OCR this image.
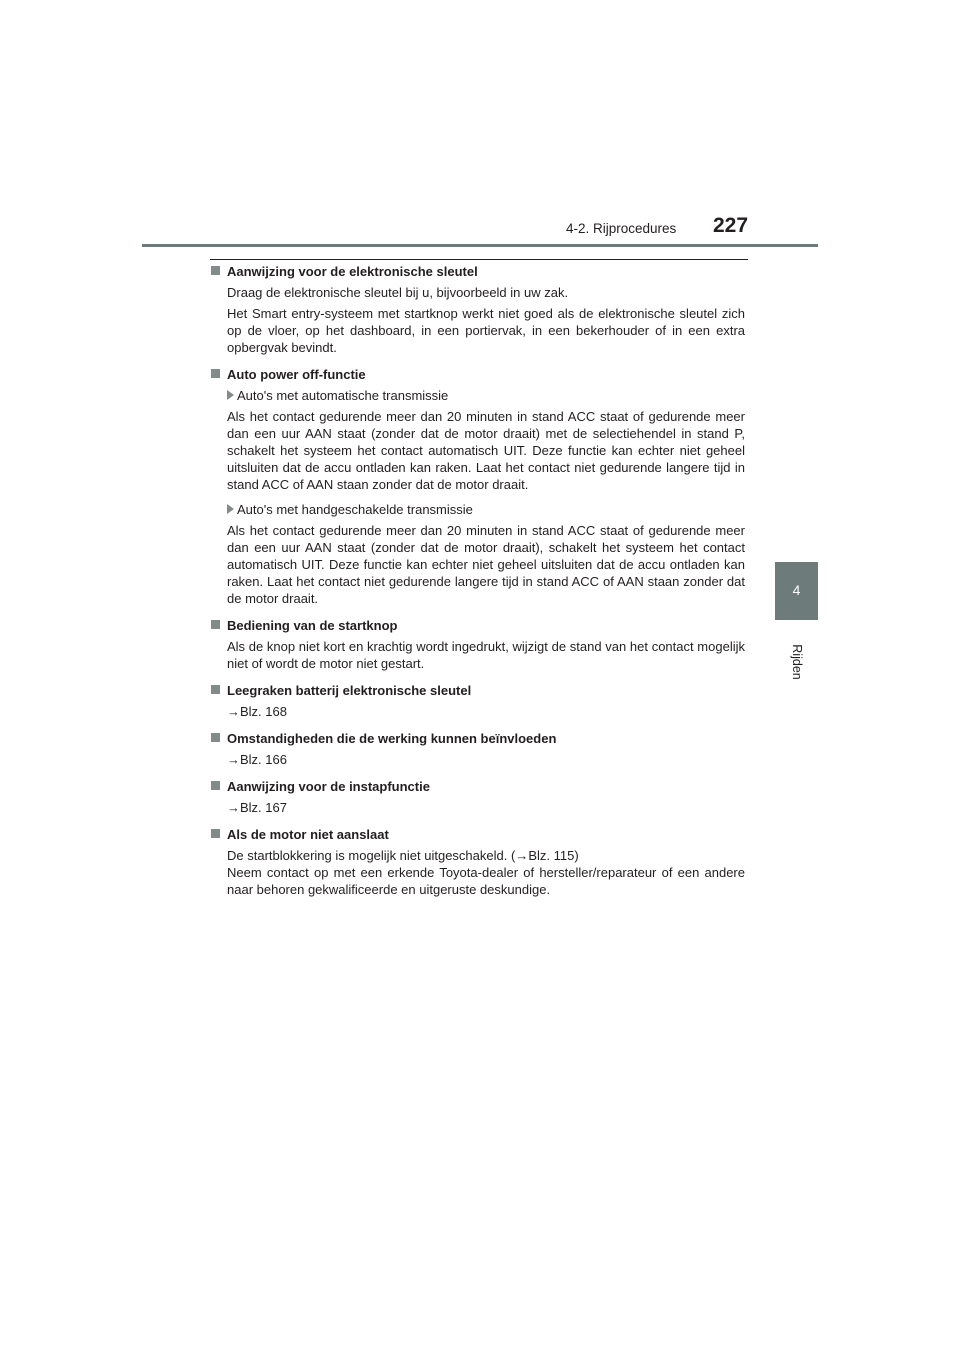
4-2. Rijprocedures 227
4
Rijden
Aanwijzing voor de elektronische sleutel

Draag de elektronische sleutel bij u, bijvoorbeeld in uw zak.

Het Smart entry-systeem met startknop werkt niet goed als de elektronische sleutel zich op de vloer, op het dashboard, in een portiervak, in een bekerhouder of in een extra opbergvak bevindt.

Auto power off-functie
Auto's met automatische transmissie

Als het contact gedurende meer dan 20 minuten in stand ACC staat of gedurende meer dan een uur AAN staat (zonder dat de motor draait) met de selectiehendel in stand P, schakelt het systeem het contact automatisch UIT. Deze functie kan echter niet geheel uitsluiten dat de accu ontladen kan raken. Laat het contact niet gedurende langere tijd in stand ACC of AAN staan zonder dat de motor draait.

Auto's met handgeschakelde transmissie

Als het contact gedurende meer dan 20 minuten in stand ACC staat of gedurende meer dan een uur AAN staat (zonder dat de motor draait), schakelt het systeem het contact automatisch UIT. Deze functie kan echter niet geheel uitsluiten dat de accu ontladen kan raken. Laat het contact niet gedurende langere tijd in stand ACC of AAN staan zonder dat de motor draait.

Bediening van de startknop

Als de knop niet kort en krachtig wordt ingedrukt, wijzigt de stand van het contact mogelijk niet of wordt de motor niet gestart.

Leegraken batterij elektronische sleutel

→Blz. 168

Omstandigheden die de werking kunnen beïnvloeden

→Blz. 166

Aanwijzing voor de instapfunctie

→Blz. 167

Als de motor niet aanslaat

De startblokkering is mogelijk niet uitgeschakeld. (→Blz. 115)

Neem contact op met een erkende Toyota-dealer of hersteller/reparateur of een andere naar behoren gekwalificeerde en uitgeruste deskundige.
